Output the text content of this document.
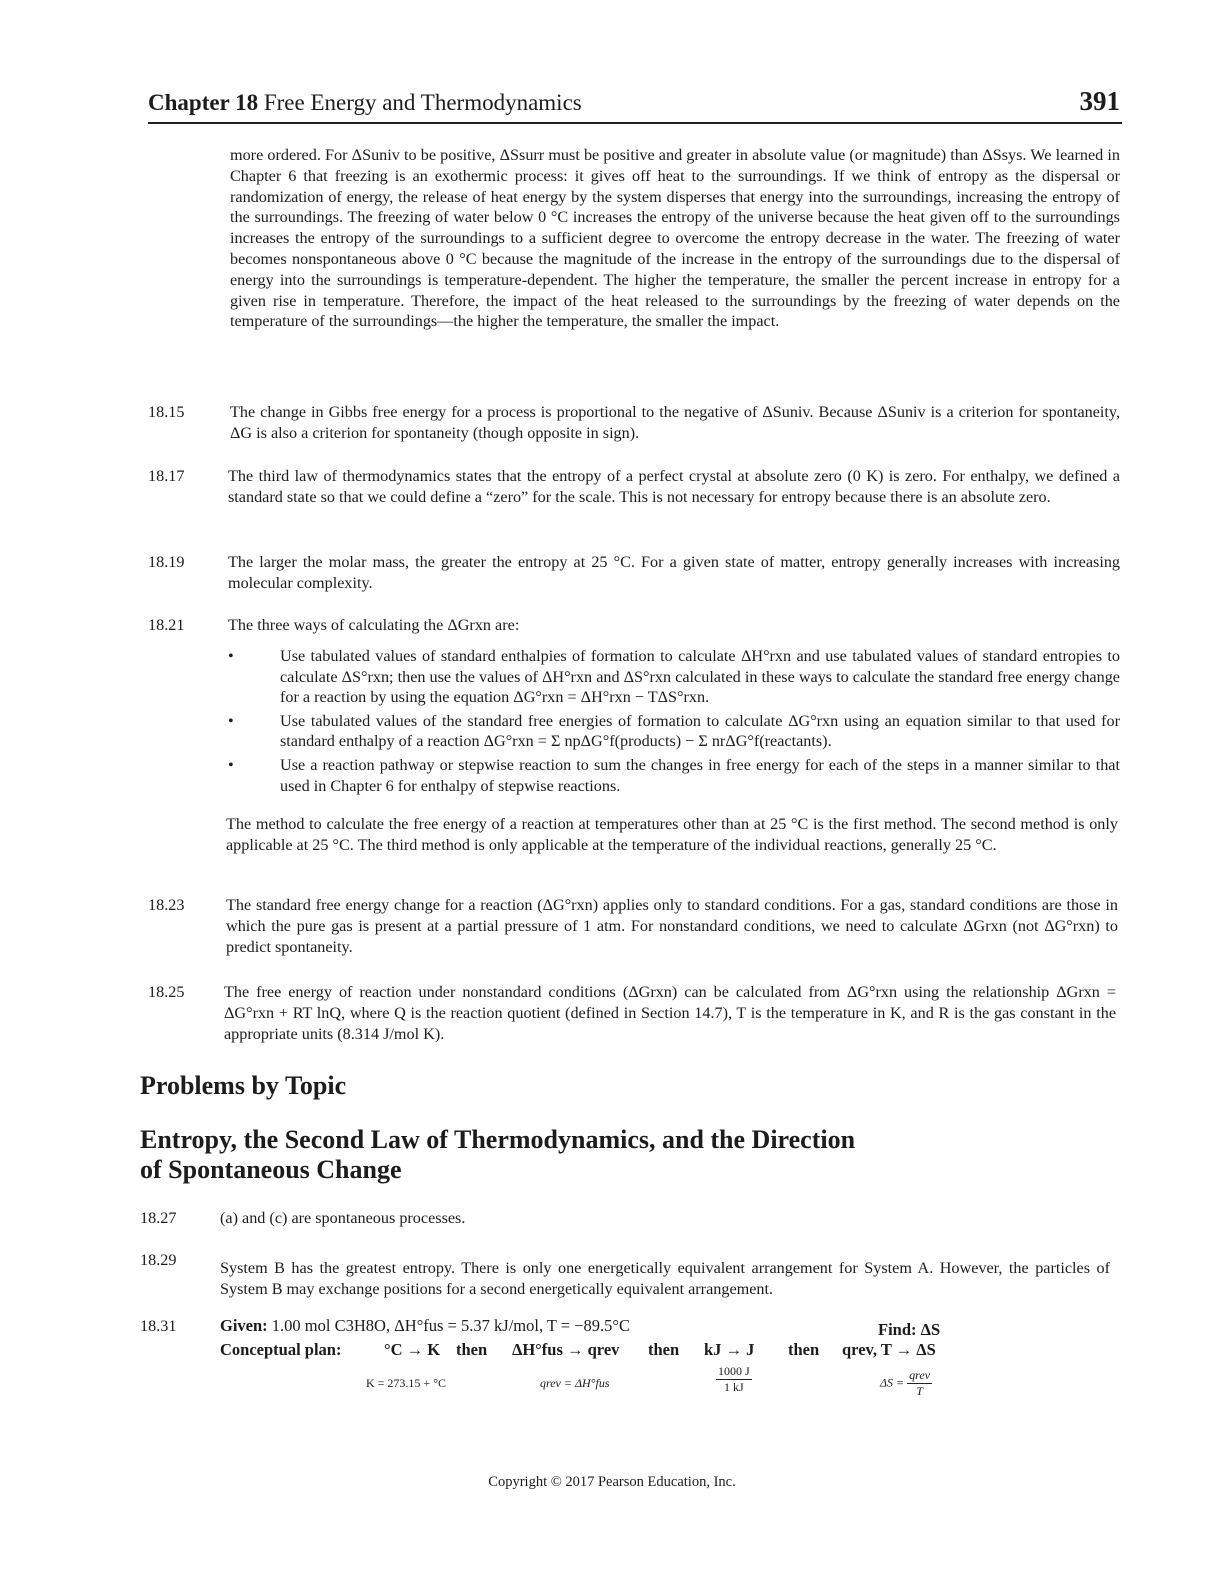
Chapter 18 Free Energy and Thermodynamics	391
more ordered. For ΔSuniv to be positive, ΔSsurr must be positive and greater in absolute value (or magnitude) than ΔSsys. We learned in Chapter 6 that freezing is an exothermic process: it gives off heat to the surroundings. If we think of entropy as the dispersal or randomization of energy, the release of heat energy by the system disperses that energy into the surroundings, increasing the entropy of the surroundings. The freezing of water below 0 °C increases the entropy of the universe because the heat given off to the surroundings increases the entropy of the surroundings to a sufficient degree to overcome the entropy decrease in the water. The freezing of water becomes nonspontaneous above 0 °C because the magnitude of the increase in the entropy of the surroundings due to the dispersal of energy into the surroundings is temperature-dependent. The higher the temperature, the smaller the percent increase in entropy for a given rise in temperature. Therefore, the impact of the heat released to the surroundings by the freezing of water depends on the temperature of the surroundings—the higher the temperature, the smaller the impact.
18.15	The change in Gibbs free energy for a process is proportional to the negative of ΔSuniv. Because ΔSuniv is a criterion for spontaneity, ΔG is also a criterion for spontaneity (though opposite in sign).
18.17	The third law of thermodynamics states that the entropy of a perfect crystal at absolute zero (0 K) is zero. For enthalpy, we defined a standard state so that we could define a “zero” for the scale. This is not necessary for entropy because there is an absolute zero.
18.19	The larger the molar mass, the greater the entropy at 25 °C. For a given state of matter, entropy generally increases with increasing molecular complexity.
18.21	The three ways of calculating the ΔGrxn are:
•	Use tabulated values of standard enthalpies of formation to calculate ΔH°rxn and use tabulated values of standard entropies to calculate ΔS°rxn; then use the values of ΔH°rxn and ΔS°rxn calculated in these ways to calculate the standard free energy change for a reaction by using the equation ΔG°rxn = ΔH°rxn − TΔS°rxn.
•	Use tabulated values of the standard free energies of formation to calculate ΔG°rxn using an equation similar to that used for standard enthalpy of a reaction ΔG°rxn = Σ npΔG°f(products) − Σ nrΔG°f(reactants).
•	Use a reaction pathway or stepwise reaction to sum the changes in free energy for each of the steps in a manner similar to that used in Chapter 6 for enthalpy of stepwise reactions.
The method to calculate the free energy of a reaction at temperatures other than at 25 °C is the first method. The second method is only applicable at 25 °C. The third method is only applicable at the temperature of the individual reactions, generally 25 °C.
18.23	The standard free energy change for a reaction (ΔG°rxn) applies only to standard conditions. For a gas, standard conditions are those in which the pure gas is present at a partial pressure of 1 atm. For nonstandard conditions, we need to calculate ΔGrxn (not ΔG°rxn) to predict spontaneity.
18.25 The free energy of reaction under nonstandard conditions (ΔGrxn) can be calculated from ΔG°rxn using the relationship ΔGrxn = ΔG°rxn + RT lnQ, where Q is the reaction quotient (defined in Section 14.7), T is the temperature in K, and R is the gas constant in the appropriate units (8.314 J/mol K).
Problems by Topic
Entropy, the Second Law of Thermodynamics, and the Direction
of Spontaneous Change
18.27	(a) and (c) are spontaneous processes.
18.29	System B has the greatest entropy. There is only one energetically equivalent arrangement for System A. However, the particles of System B may exchange positions for a second energetically equivalent arrangement.
18.31	Given: 1.00 mol C3H8O, ΔH°fus = 5.37 kJ/mol, T = −89.5°C	Find: ΔS
Conceptual plan:	°C → K then ΔH°fus → qrev then kJ → J then qrev, T → ΔS
K = 273.15 + °C	qrev = ΔH°fus	$\frac{1000 J}{1 kJ}$	$\Delta S = \frac{\text{qrev}}{T}$
Copyright © 2017 Pearson Education, Inc.
